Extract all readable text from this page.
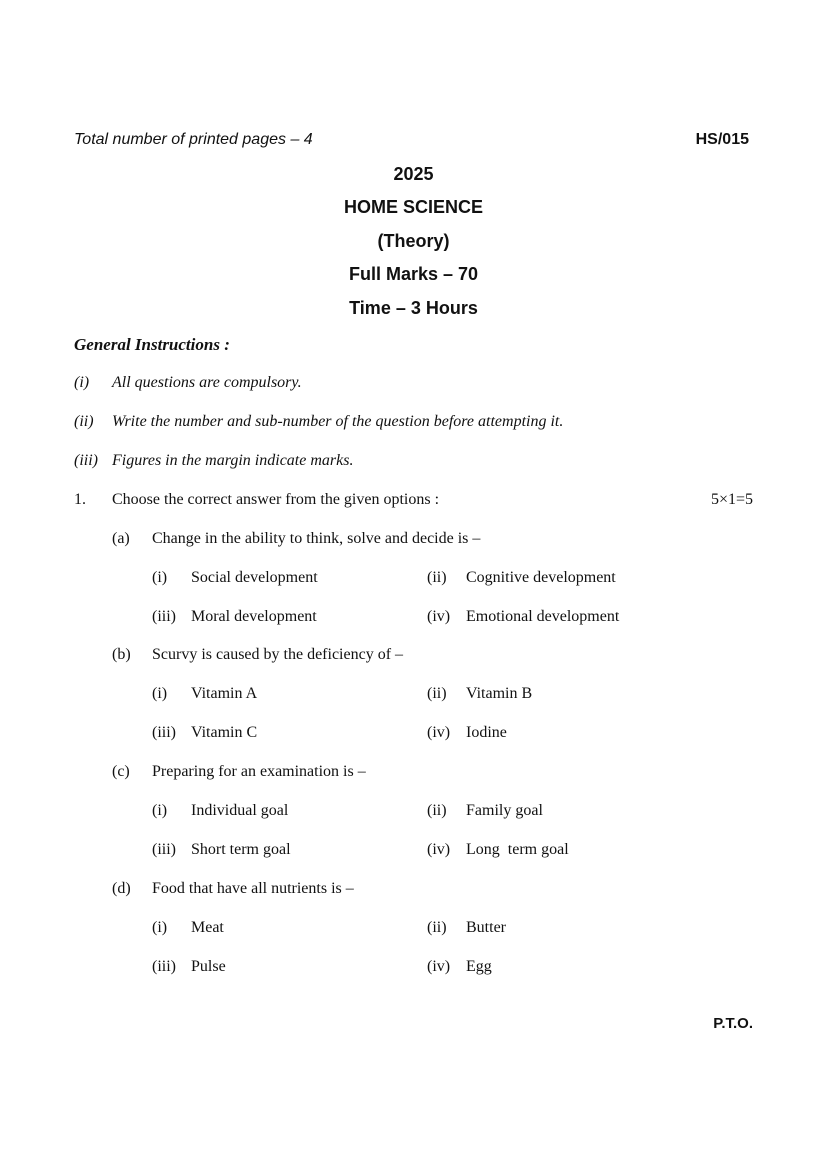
Total number of printed pages – 4	HS/015
2025
HOME SCIENCE
(Theory)
Full Marks – 70
Time – 3 Hours
General Instructions :
(i) All questions are compulsory.
(ii) Write the number and sub-number of the question before attempting it.
(iii) Figures in the margin indicate marks.
1. Choose the correct answer from the given options :	5×1=5
(a) Change in the ability to think, solve and decide is –
(i) Social development	(ii) Cognitive development
(iii) Moral development	(iv) Emotional development
(b) Scurvy is caused by the deficiency of –
(i) Vitamin A	(ii) Vitamin B
(iii) Vitamin C	(iv) Iodine
(c) Preparing for an examination is –
(i) Individual goal	(ii) Family goal
(iii) Short term goal	(iv) Long  term goal
(d) Food that have all nutrients is –
(i) Meat	(ii) Butter
(iii) Pulse	(iv) Egg
P.T.O.
